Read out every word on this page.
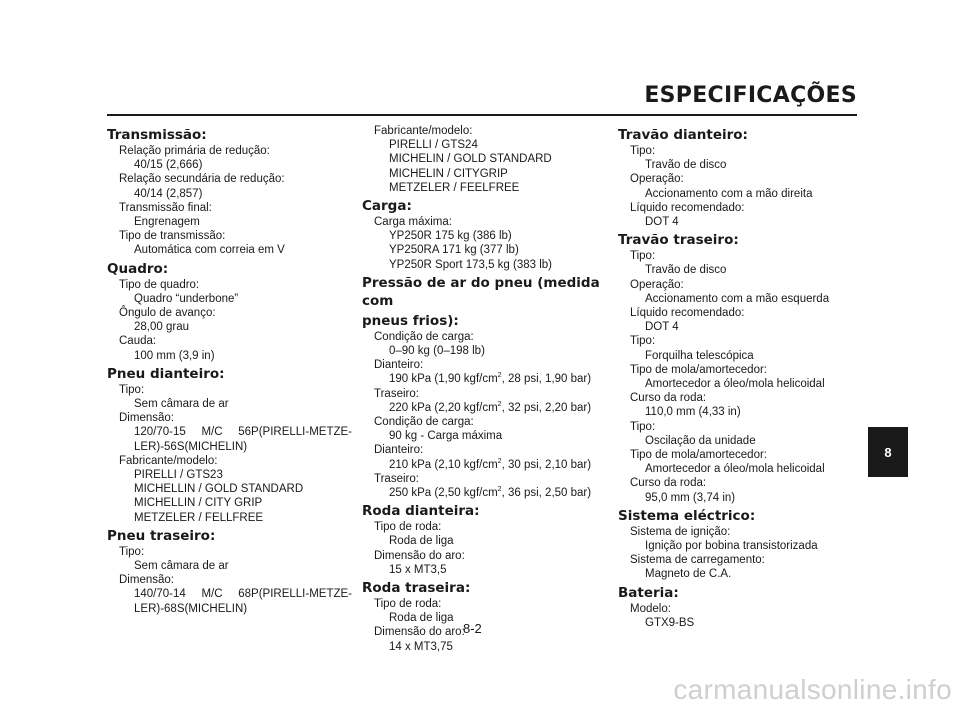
ESPECIFICAÇÕES
Transmissão:
Relação primária de redução:
40/15 (2,666)
Relação secundária de redução:
40/14 (2,857)
Transmissão final:
Engrenagem
Tipo de transmissão:
Automática com correia em V
Quadro:
Tipo de quadro:
Quadro “underbone”
Ôngulo de avanço:
28,00 grau
Cauda:
100 mm (3,9 in)
Pneu dianteiro:
Tipo:
Sem câmara de ar
Dimensão:
120/70-15 M/C 56P(PIRELLI-METZE-
LER)-56S(MICHELIN)
Fabricante/modelo:
PIRELLI / GTS23
MICHELLIN / GOLD STANDARD
MICHELLIN / CITY GRIP
METZELER / FELLFREE
Pneu traseiro:
Tipo:
Sem câmara de ar
Dimensão:
140/70-14 M/C 68P(PIRELLI-METZE-
LER)-68S(MICHELIN)
Fabricante/modelo:
PIRELLI / GTS24
MICHELIN / GOLD STANDARD
MICHELIN / CITYGRIP
METZELER / FEELFREE
Carga:
Carga máxima:
YP250R 175 kg (386 lb)
YP250RA 171 kg (377 lb)
YP250R Sport 173,5 kg (383 lb)
Pressão de ar do pneu (medida com
pneus frios):
Condição de carga:
0–90 kg (0–198 lb)
Dianteiro:
190 kPa (1,90 kgf/$cm^2$, 28 psi, 1,90 bar)
Traseiro:
220 kPa (2,20 kgf/$cm^2$, 32 psi, 2,20 bar)
Condição de carga:
90 kg - Carga máxima
Dianteiro:
210 kPa (2,10 kgf/$cm^2$, 30 psi, 2,10 bar)
Traseiro:
250 kPa (2,50 kgf/$cm^2$, 36 psi, 2,50 bar)
Roda dianteira:
Tipo de roda:
Roda de liga
Dimensão do aro:
15 x MT3,5
Roda traseira:
Tipo de roda:
Roda de liga
Dimensão do aro:
14 x MT3,75
Travão dianteiro:
Tipo:
Travão de disco
Operação:
Accionamento com a mão direita
Líquido recomendado:
DOT 4
Travão traseiro:
Tipo:
Travão de disco
Operação:
Accionamento com a mão esquerda
Líquido recomendado:
DOT 4
Tipo:
Forquilha telescópica
Tipo de mola/amortecedor:
Amortecedor a óleo/mola helicoidal
Curso da roda:
110,0 mm (4,33 in)
Tipo:
Oscilação da unidade
Tipo de mola/amortecedor:
Amortecedor a óleo/mola helicoidal
Curso da roda:
95,0 mm (3,74 in)
Sistema eléctrico:
Sistema de ignição:
Ignição por bobina transistorizada
Sistema de carregamento:
Magneto de C.A.
Bateria:
Modelo:
GTX9-BS
8
8-2
carmanualsonline.info
